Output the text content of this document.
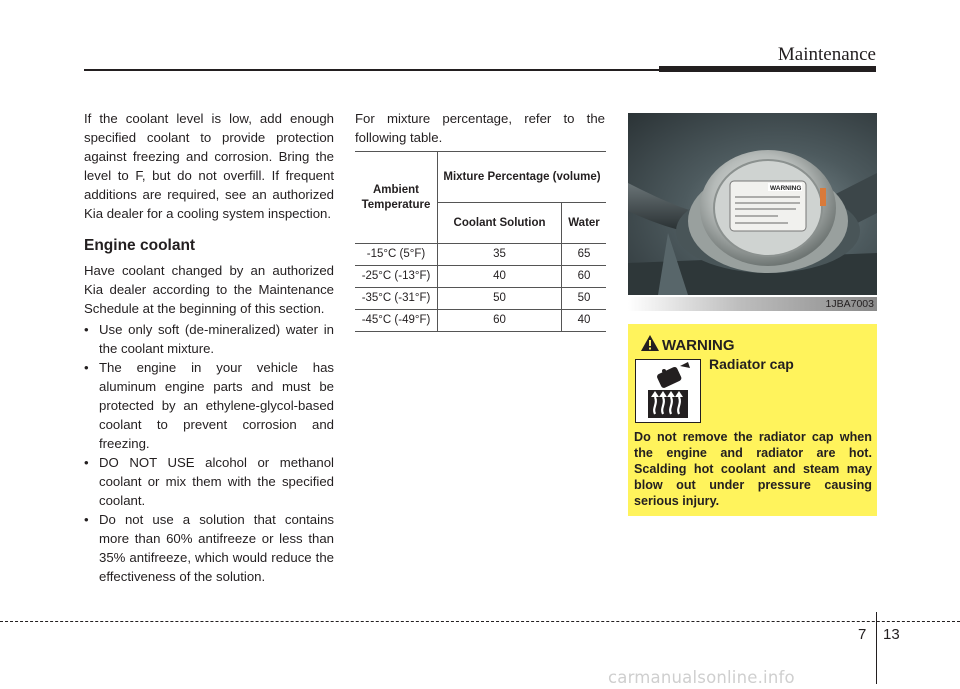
Maintenance

If the coolant level is low, add enough specified coolant to provide protection against freezing and corrosion. Bring the level to F, but do not overfill. If frequent additions are required, see an authorized Kia dealer for a cooling system inspection.

Engine coolant

Have coolant changed by an authorized Kia dealer according to the Maintenance Schedule at the beginning of this section.

• Use only soft (de-mineralized) water in the coolant mixture.
• The engine in your vehicle has aluminum engine parts and must be protected by an ethylene-glycol-based coolant to prevent corrosion and freezing.
• DO NOT USE alcohol or methanol coolant or mix them with the specified coolant.
• Do not use a solution that contains more than 60% antifreeze or less than 35% antifreeze, which would reduce the effectiveness of the solution.

For mixture percentage, refer to the following table.

Ambient Temperature	Mixture Percentage (volume)	
	Coolant Solution	Water
-15°C (5°F)	35	65
-25°C (-13°F)	40	60
-35°C (-31°F)	50	50
-45°C (-49°F)	60	40
WARNING
1JBA7003
WARNING
Radiator cap
Do not remove the radiator cap when the engine and radiator are hot. Scalding hot coolant and steam may blow out under pressure causing serious injury.
7 13
carmanualsonline.info
